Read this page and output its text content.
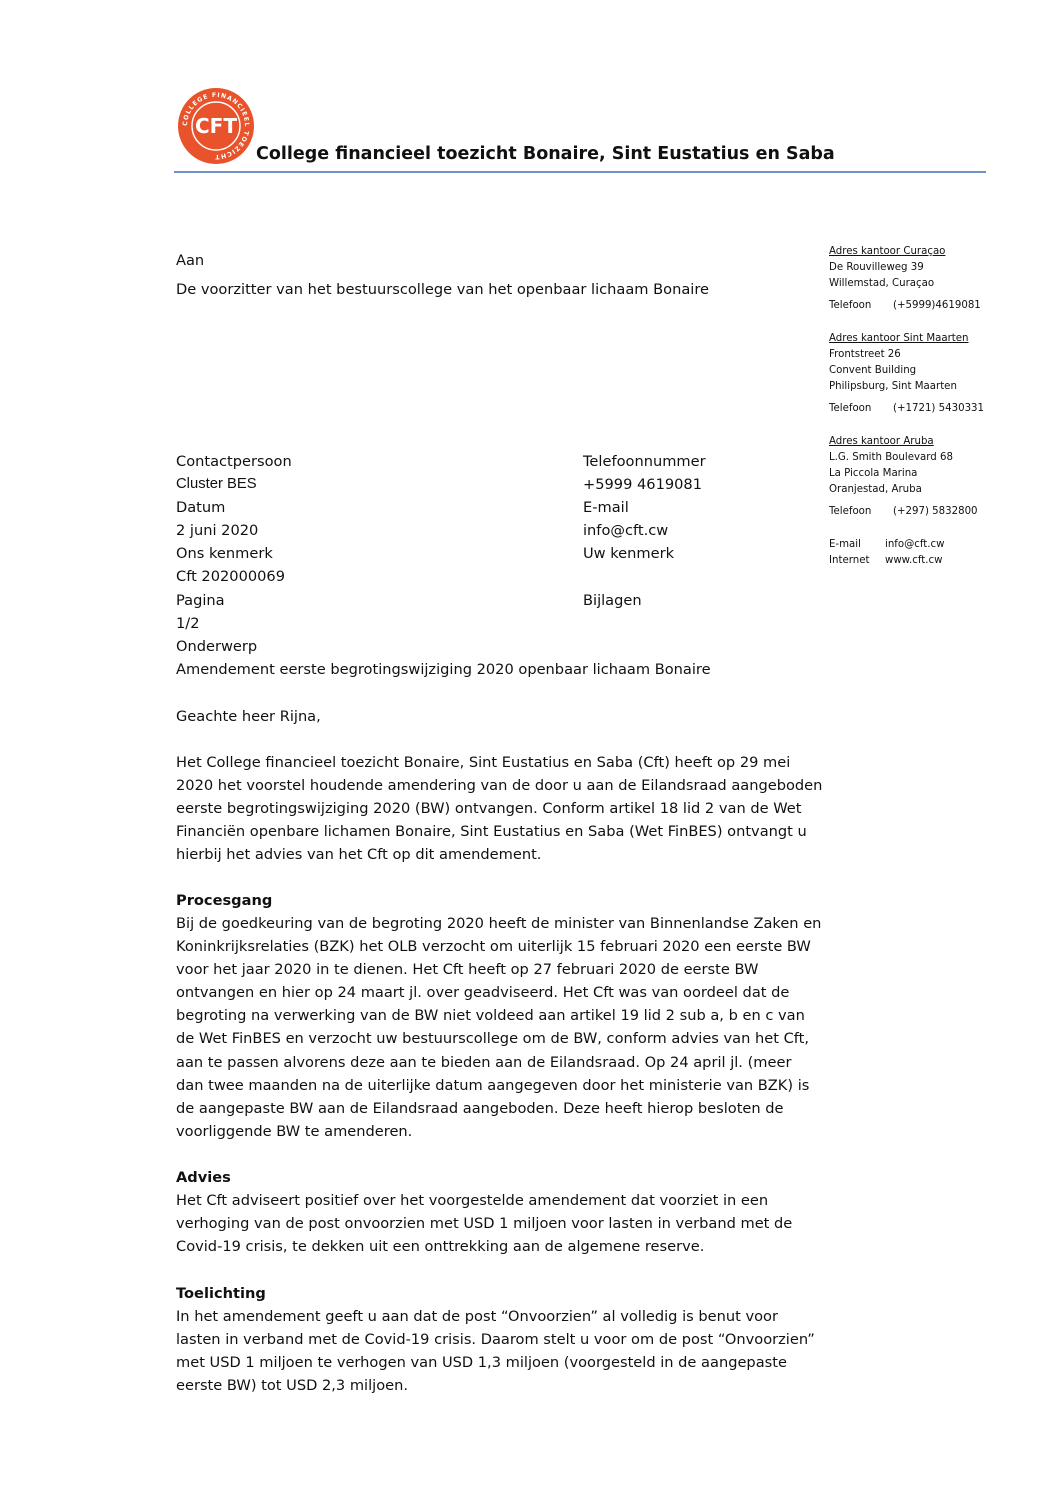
COLLEGE FINANCIEEL TOEZICHT
CFT
College financieel toezicht Bonaire, Sint Eustatius en Saba
Aan
De voorzitter van het bestuurscollege van het openbaar lichaam Bonaire
Contactpersoon
Cluster BES
Datum
2 juni 2020
Ons kenmerk
Cft 202000069
Pagina
1/2
Onderwerp
Amendement eerste begrotingswijziging 2020 openbaar lichaam Bonaire
Telefoonnummer
+5999 4619081
E-mail
info@cft.cw
Uw kenmerk
Bijlagen
Adres kantoor Curaçao
De Rouvilleweg 39
Willemstad, Curaçao
Telefoon (+5999)4619081
Adres kantoor Sint Maarten
Frontstreet 26
Convent Building
Philipsburg, Sint Maarten
Telefoon (+1721) 5430331
Adres kantoor Aruba
L.G. Smith Boulevard 68
La Piccola Marina
Oranjestad, Aruba
Telefoon (+297) 5832800
E-mail info@cft.cw
Internet www.cft.cw
Geachte heer Rijna,
Het College financieel toezicht Bonaire, Sint Eustatius en Saba (Cft) heeft op 29 mei
2020 het voorstel houdende amendering van de door u aan de Eilandsraad aangeboden
eerste begrotingswijziging 2020 (BW) ontvangen. Conform artikel 18 lid 2 van de Wet
Financiën openbare lichamen Bonaire, Sint Eustatius en Saba (Wet FinBES) ontvangt u
hierbij het advies van het Cft op dit amendement.
Procesgang
Bij de goedkeuring van de begroting 2020 heeft de minister van Binnenlandse Zaken en
Koninkrijksrelaties (BZK) het OLB verzocht om uiterlijk 15 februari 2020 een eerste BW
voor het jaar 2020 in te dienen. Het Cft heeft op 27 februari 2020 de eerste BW
ontvangen en hier op 24 maart jl. over geadviseerd. Het Cft was van oordeel dat de
begroting na verwerking van de BW niet voldeed aan artikel 19 lid 2 sub a, b en c van
de Wet FinBES en verzocht uw bestuurscollege om de BW, conform advies van het Cft,
aan te passen alvorens deze aan te bieden aan de Eilandsraad. Op 24 april jl. (meer
dan twee maanden na de uiterlijke datum aangegeven door het ministerie van BZK) is
de aangepaste BW aan de Eilandsraad aangeboden. Deze heeft hierop besloten de
voorliggende BW te amenderen.
Advies
Het Cft adviseert positief over het voorgestelde amendement dat voorziet in een
verhoging van de post onvoorzien met USD 1 miljoen voor lasten in verband met de
Covid-19 crisis, te dekken uit een onttrekking aan de algemene reserve.
Toelichting
In het amendement geeft u aan dat de post “Onvoorzien” al volledig is benut voor
lasten in verband met de Covid-19 crisis. Daarom stelt u voor om de post “Onvoorzien”
met USD 1 miljoen te verhogen van USD 1,3 miljoen (voorgesteld in de aangepaste
eerste BW) tot USD 2,3 miljoen.
